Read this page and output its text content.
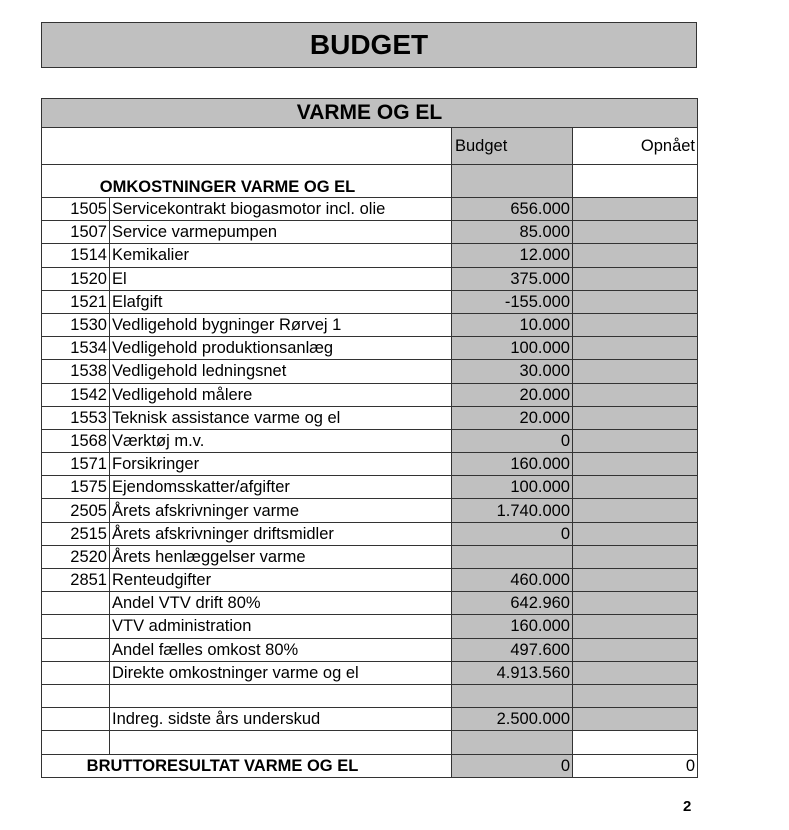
BUDGET
VARME OG EL			
		Budget	Opnået
OMKOSTNINGER VARME OG EL			
1505	Servicekontrakt biogasmotor incl. olie	656.000	
1507	Service varmepumpen	85.000	
1514	Kemikalier	12.000	
1520	El	375.000	
1521	Elafgift	-155.000	
1530	Vedligehold bygninger Rørvej 1	10.000	
1534	Vedligehold produktionsanlæg	100.000	
1538	Vedligehold ledningsnet	30.000	
1542	Vedligehold målere	20.000	
1553	Teknisk assistance varme og el	20.000	
1568	Værktøj m.v.	0	
1571	Forsikringer	160.000	
1575	Ejendomsskatter/afgifter	100.000	
2505	Årets afskrivninger varme	1.740.000	
2515	Årets afskrivninger driftsmidler	0	
2520	Årets henlæggelser varme		
2851	Renteudgifter	460.000	
	Andel VTV drift 80%	642.960	
	VTV administration	160.000	
	Andel fælles omkost 80%	497.600	
	Direkte omkostninger varme og el	4.913.560	

	Indreg. sidste års underskud	2.500.000	

BRUTTORESULTAT VARME OG EL		0	0
2
